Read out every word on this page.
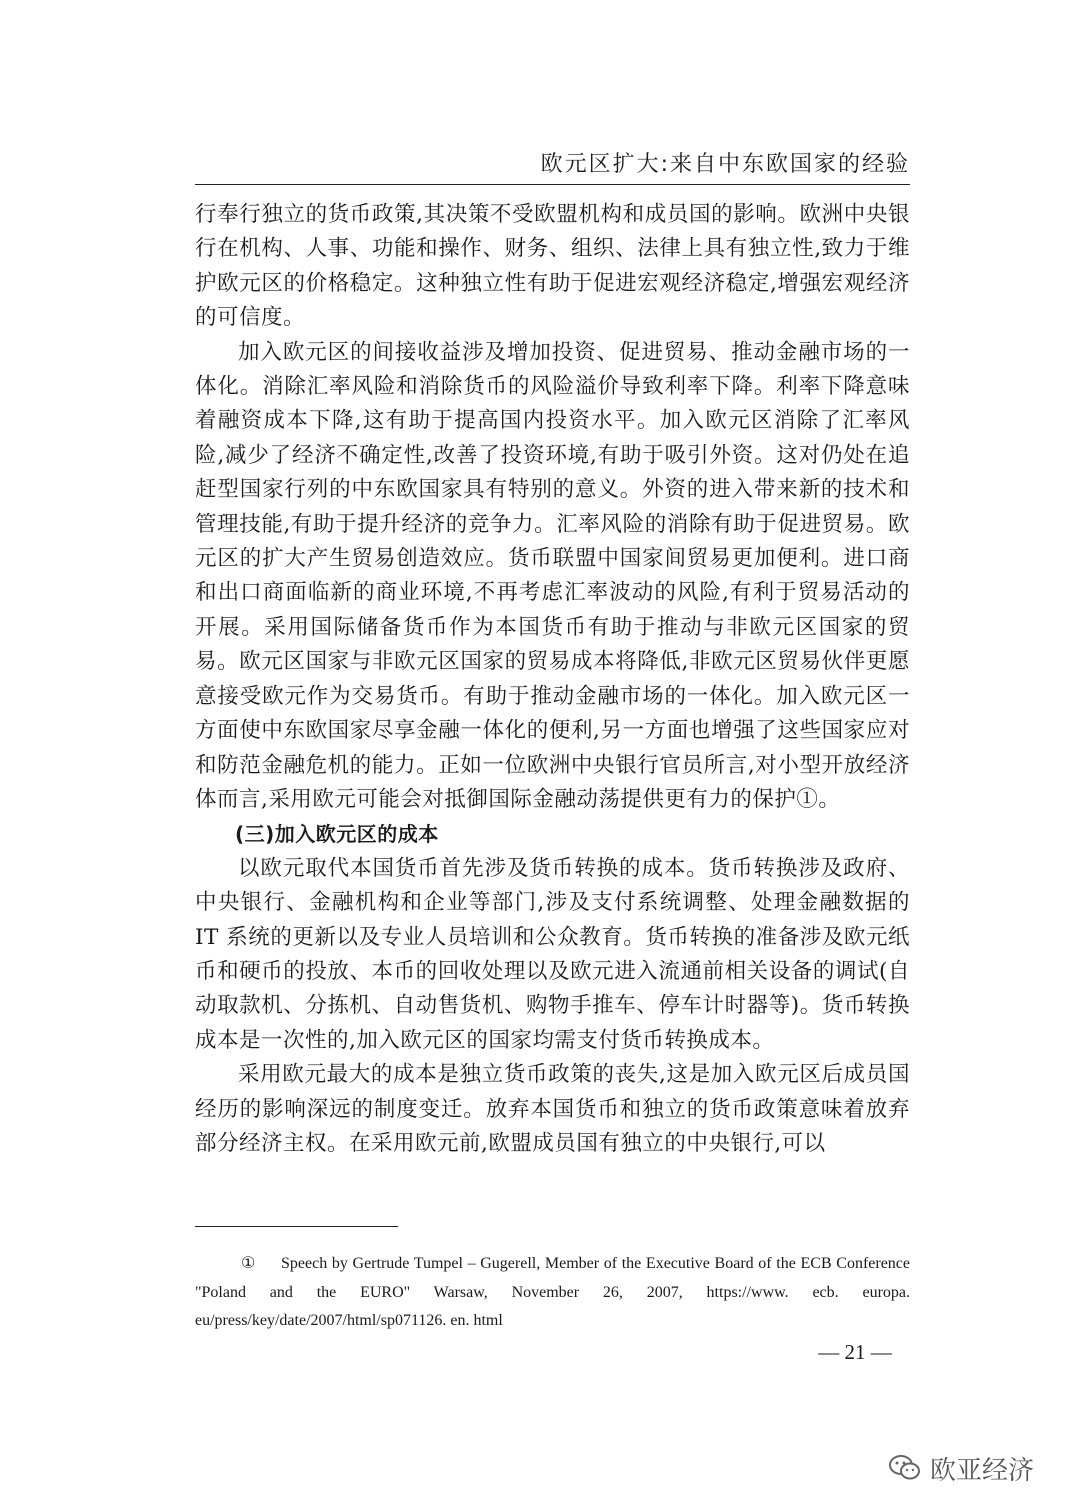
欧元区扩大:来自中东欧国家的经验

行奉行独立的货币政策,其决策不受欧盟机构和成员国的影响。欧洲中央银行在机构、人事、功能和操作、财务、组织、法律上具有独立性,致力于维护欧元区的价格稳定。这种独立性有助于促进宏观经济稳定,增强宏观经济的可信度。

加入欧元区的间接收益涉及增加投资、促进贸易、推动金融市场的一体化。消除汇率风险和消除货币的风险溢价导致利率下降。利率下降意味着融资成本下降,这有助于提高国内投资水平。加入欧元区消除了汇率风险,减少了经济不确定性,改善了投资环境,有助于吸引外资。这对仍处在追赶型国家行列的中东欧国家具有特别的意义。外资的进入带来新的技术和管理技能,有助于提升经济的竞争力。汇率风险的消除有助于促进贸易。欧元区的扩大产生贸易创造效应。货币联盟中国家间贸易更加便利。进口商和出口商面临新的商业环境,不再考虑汇率波动的风险,有利于贸易活动的开展。采用国际储备货币作为本国货币有助于推动与非欧元区国家的贸易。欧元区国家与非欧元区国家的贸易成本将降低,非欧元区贸易伙伴更愿意接受欧元作为交易货币。有助于推动金融市场的一体化。加入欧元区一方面使中东欧国家尽享金融一体化的便利,另一方面也增强了这些国家应对和防范金融危机的能力。正如一位欧洲中央银行官员所言,对小型开放经济体而言,采用欧元可能会对抵御国际金融动荡提供更有力的保护①。

(三)加入欧元区的成本

以欧元取代本国货币首先涉及货币转换的成本。货币转换涉及政府、中央银行、金融机构和企业等部门,涉及支付系统调整、处理金融数据的 IT 系统的更新以及专业人员培训和公众教育。货币转换的准备涉及欧元纸币和硬币的投放、本币的回收处理以及欧元进入流通前相关设备的调试(自动取款机、分拣机、自动售货机、购物手推车、停车计时器等)。货币转换成本是一次性的,加入欧元区的国家均需支付货币转换成本。

采用欧元最大的成本是独立货币政策的丧失,这是加入欧元区后成员国经历的影响深远的制度变迁。放弃本国货币和独立的货币政策意味着放弃部分经济主权。在采用欧元前,欧盟成员国有独立的中央银行,可以

① Speech by Gertrude Tumpel – Gugerell, Member of the Executive Board of the ECB Conference "Poland and the EURO" Warsaw, November 26, 2007, https://www. ecb. europa. eu/press/key/date/2007/html/sp071126. en. html
— 21 —
欧亚经济
